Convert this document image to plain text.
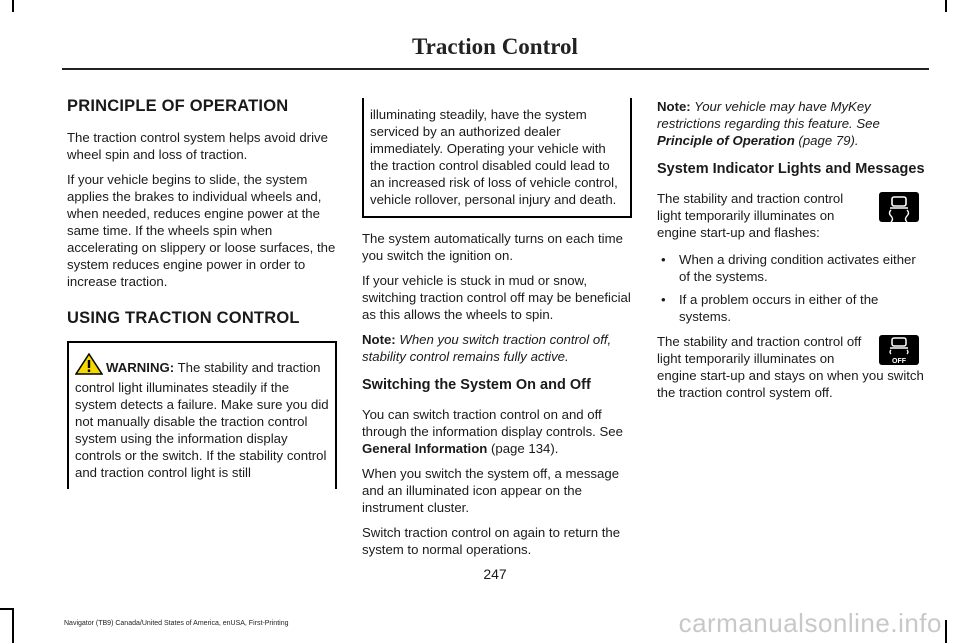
Traction Control
PRINCIPLE OF OPERATION

The traction control system helps avoid drive wheel spin and loss of traction.

If your vehicle begins to slide, the system applies the brakes to individual wheels and, when needed, reduces engine power at the same time. If the wheels spin when accelerating on slippery or loose surfaces, the system reduces engine power in order to increase traction.

USING TRACTION CONTROL
WARNING: The stability and traction control light illuminates steadily if the system detects a failure. Make sure you did not manually disable the traction control system using the information display controls or the switch. If the stability control and traction control light is still
illuminating steadily, have the system serviced by an authorized dealer immediately. Operating your vehicle with the traction control disabled could lead to an increased risk of loss of vehicle control, vehicle rollover, personal injury and death.

The system automatically turns on each time you switch the ignition on.

If your vehicle is stuck in mud or snow, switching traction control off may be beneficial as this allows the wheels to spin.

Note: When you switch traction control off, stability control remains fully active.

Switching the System On and Off

You can switch traction control on and off through the information display controls. See General Information (page 134).

When you switch the system off, a message and an illuminated icon appear on the instrument cluster.

Switch traction control on again to return the system to normal operations.

Note: Your vehicle may have MyKey restrictions regarding this feature. See Principle of Operation (page 79).

System Indicator Lights and Messages
The stability and traction control light temporarily illuminates on engine start-up and flashes:
• When a driving condition activates either of the systems.
• If a problem occurs in either of the systems.
OFF
The stability and traction control off light temporarily illuminates on engine start-up and stays on when you switch the traction control system off.
247
Navigator (TB9) Canada/United States of America, enUSA, First-Printing	carmanualsonline.info
